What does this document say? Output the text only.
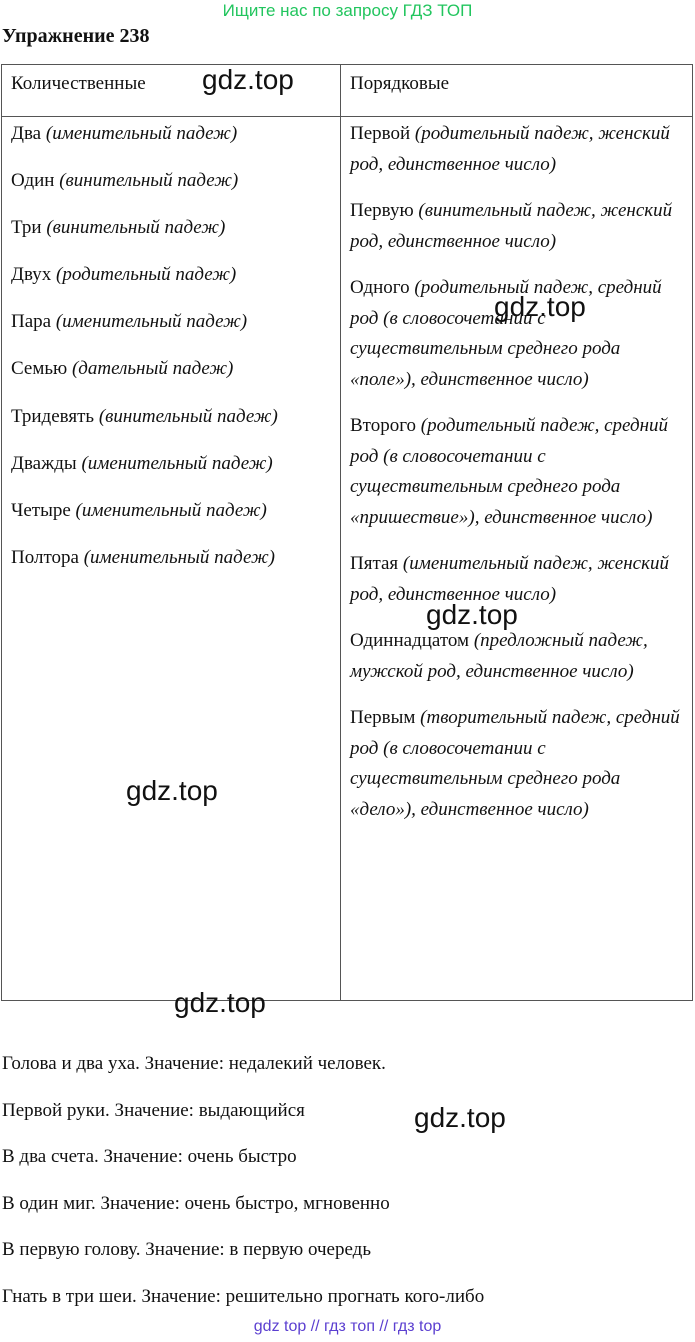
Ищите нас по запросу ГДЗ ТОП
Упражнение 238
Количественные	Порядковые
Два (именительный падеж)
Один (винительный падеж)
Три (винительный падеж)
Двух (родительный падеж)
Пара (именительный падеж)
Семью (дательный падеж)
Тридевять (винительный падеж)
Дважды (именительный падеж)
Четыре (именительный падеж)
Полтора (именительный падеж)
Первой (родительный падеж, женский род, единственное число)
Первую (винительный падеж, женский род, единственное число)
Одного (родительный падеж, средний род (в словосочетании с существительным среднего рода «поле»), единственное число)
Второго (родительный падеж, средний род (в словосочетании с существительным среднего рода «пришествие»), единственное число)
Пятая (именительный падеж, женский род, единственное число)
Одиннадцатом (предложный падеж, мужской род, единственное число)
Первым (творительный падеж, средний род (в словосочетании с существительным среднего рода «дело»), единственное число)
Голова и два уха. Значение: недалекий человек.
Первой руки. Значение: выдающийся
В два счета. Значение: очень быстро
В один миг. Значение: очень быстро, мгновенно
В первую голову. Значение: в первую очередь
Гнать в три шеи. Значение: решительно прогнать кого-либо
gdz.top
gdz.top
gdz.top
gdz.top
gdz.top
gdz.top
gdz top // гдз топ // гдз top
